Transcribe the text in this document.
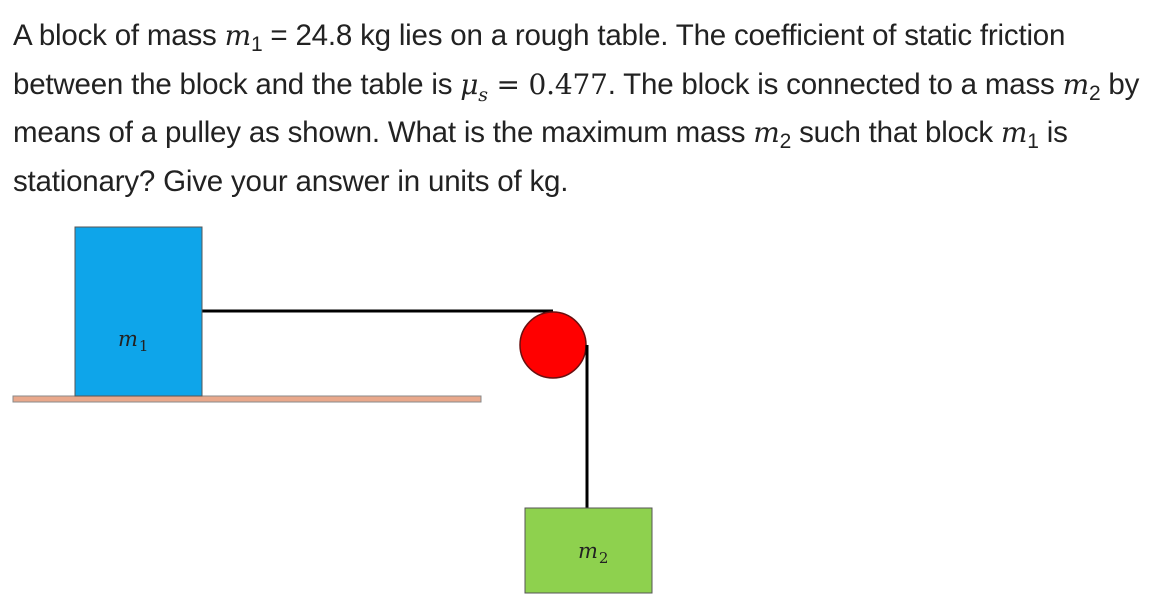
A block of mass $m_1 = 24.8$ kg lies on a rough table. The coefficient of static friction between the block and the table is $\mu_s = 0.477$. The block is connected to a mass $m_2$ by means of a pulley as shown. What is the maximum mass $m_2$ such that block $m_1$ is stationary? Give your answer in units of kg.
$m_1$
$m_2$
